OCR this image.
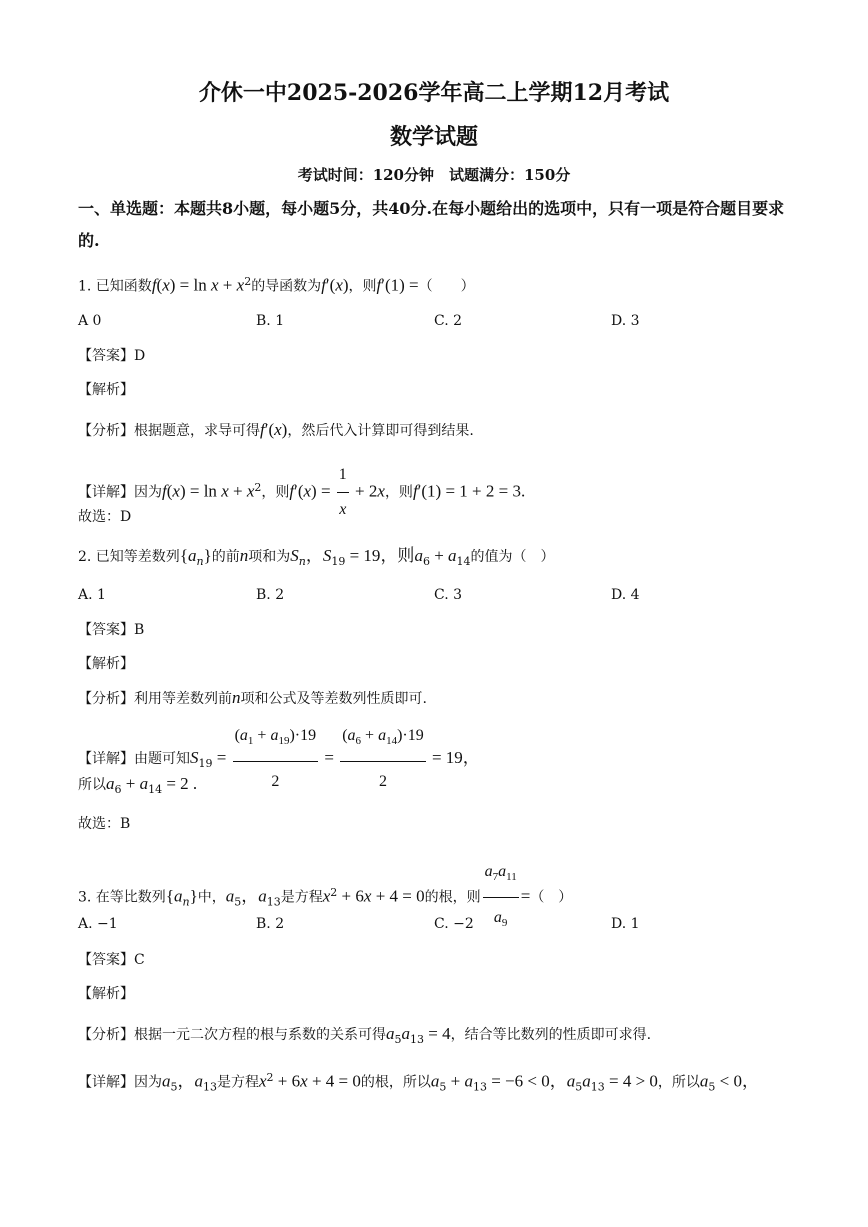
介休一中2025-2026学年高二上学期12月考试
数学试题
考试时间：120分钟　试题满分：150分
一、单选题：本题共8小题，每小题5分，共40分.在每小题给出的选项中，只有一项是符合题目要求的.
1. 已知函数$f(x) = \ln x + x^2$的导函数为f′(x)，则f′(1) =（　　）
A 0	B. 1	C. 2	D. 3
【答案】D
【解析】
【分析】根据题意，求导可得f′(x)，然后代入计算即可得到结果.
【详解】因为$f(x) = \ln x + x^2$，则$f'(x) = \frac{1}{x} + 2x$，则f′(1) = 1 + 2 = 3.
故选：D
2. 已知等差数列$\{a_n\}$的前n项和为$S_n$，$S_{19} = 19$，则$a_6 + a_{14}$的值为（　）
A. 1	B. 2	C. 3	D. 4
【答案】B
【解析】
【分析】利用等差数列前n项和公式及等差数列性质即可.
【详解】由题可知$S_{19} = \frac{(a_1 + a_{19})\cdot 19}{2} = \frac{(a_6 + a_{14})\cdot 19}{2} = 19$，
所以$a_6 + a_{14} = 2$ .
故选：B
3. 在等比数列$\{a_n\}$中，$a_5$，$a_{13}$是方程$x^2 + 6x + 4 = 0$的根，则 $\frac{a_7a_{11}}{a_9}$ =（　）
A. −1	B. 2	C. −2	D. 1
【答案】C
【解析】
【分析】根据一元二次方程的根与系数的关系可得$a_5a_{13} = 4$，结合等比数列的性质即可求得.
【详解】因为$a_5$，$a_{13}$是方程$x^2 + 6x + 4 = 0$的根，所以$a_5 + a_{13} = -6 < 0$，$a_5a_{13} = 4 > 0$，所以$a_5 < 0$，
